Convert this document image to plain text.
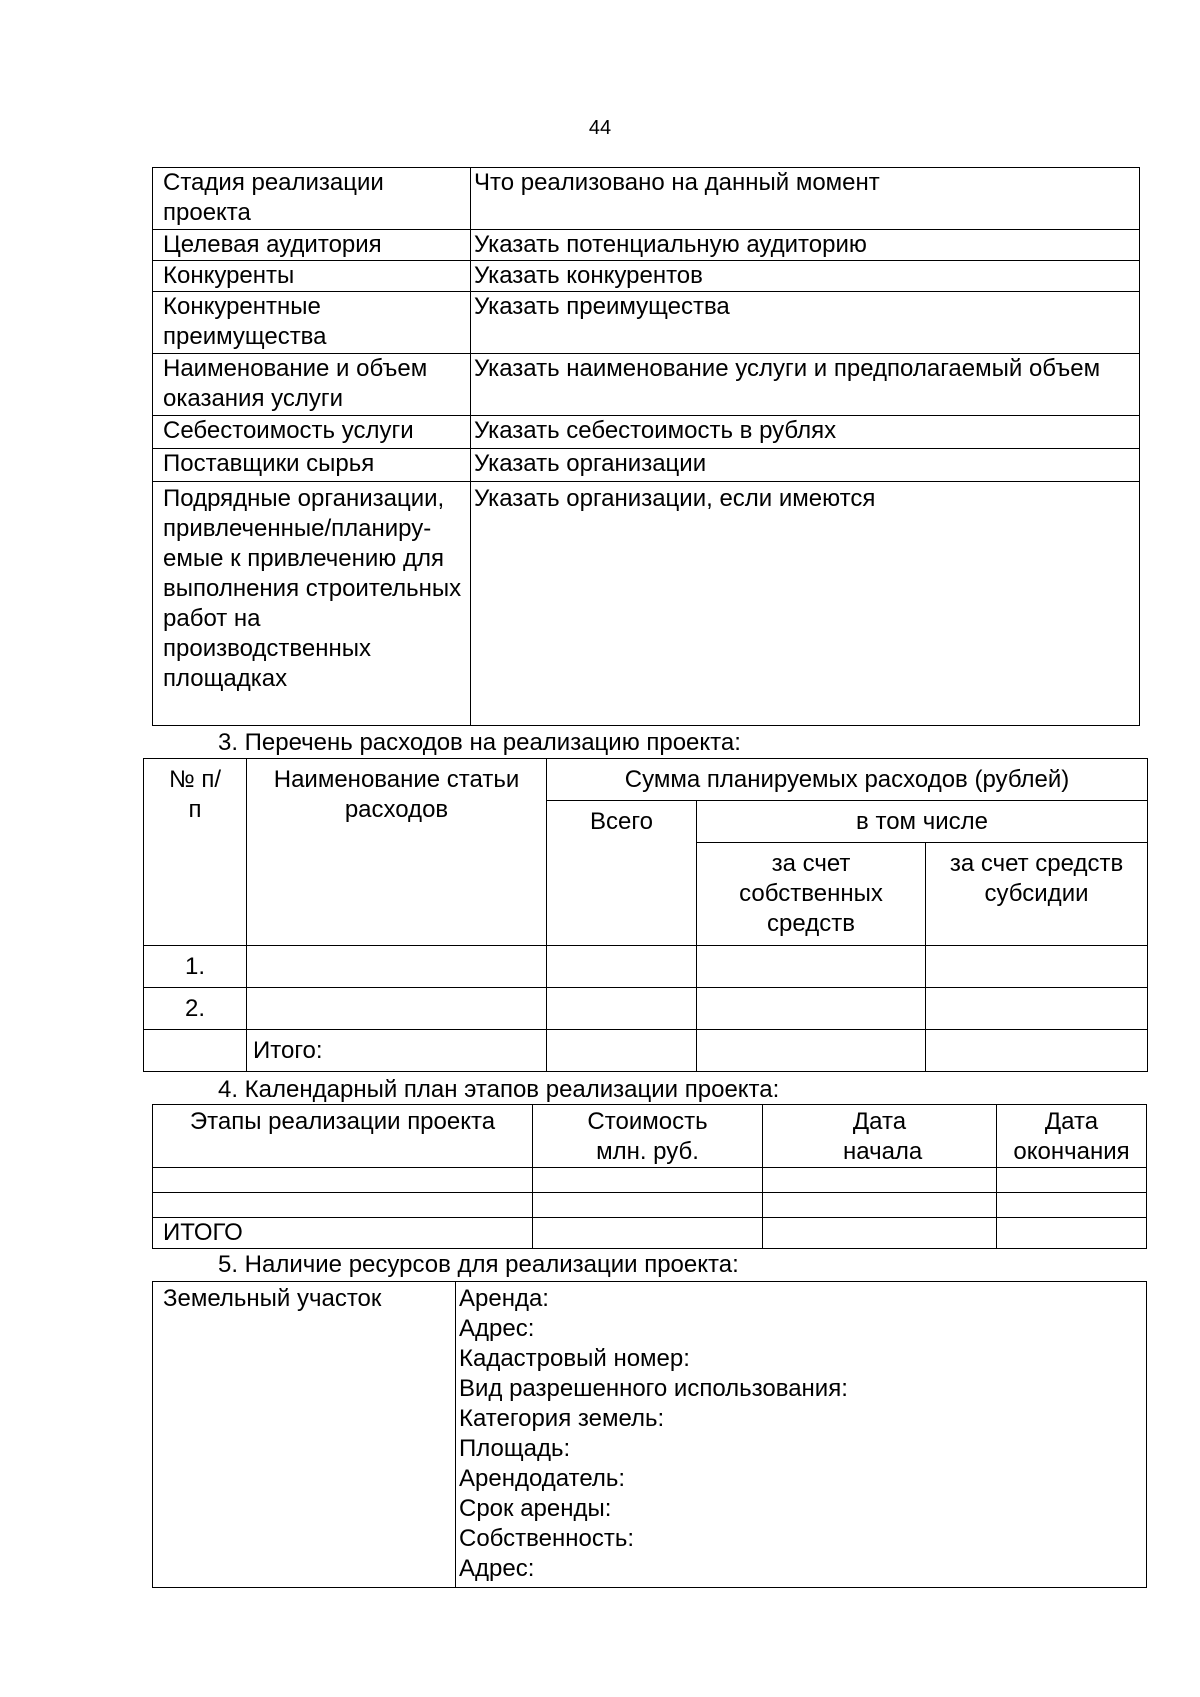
44
Стадия реализации проекта	Что реализовано на данный момент
Целевая аудитория	Указать потенциальную аудиторию
Конкуренты	Указать конкурентов
Конкурентные преимущества	Указать преимущества
Наименование и объем оказания услуги	Указать наименование услуги и предполагаемый объем
Себестоимость услуги	Указать себестоимость в рублях
Поставщики сырья	Указать организации
Подрядные организации, привлеченные/планиру-емые к привлечению для выполнения строительных работ на производственных площадках	Указать организации, если имеются
3. Перечень расходов на реализацию проекта:
№ п/п	Наименование статьи расходов	Сумма планируемых расходов (рублей)		
		Всего	в том числе	
			за счет собственных средств	за счет средств субсидии
1.				
2.				
	Итого:			
4. Календарный план этапов реализации проекта:
Этапы реализации проекта	Стоимость млн. руб.	Дата начала	Дата окончания

ИТОГО			
5. Наличие ресурсов для реализации проекта:
Земельный участок	Аренда:
Адрес:
Кадастровый номер:
Вид разрешенного использования:
Категория земель:
Площадь:
Арендодатель:
Срок аренды:
Собственность:
Адрес:
